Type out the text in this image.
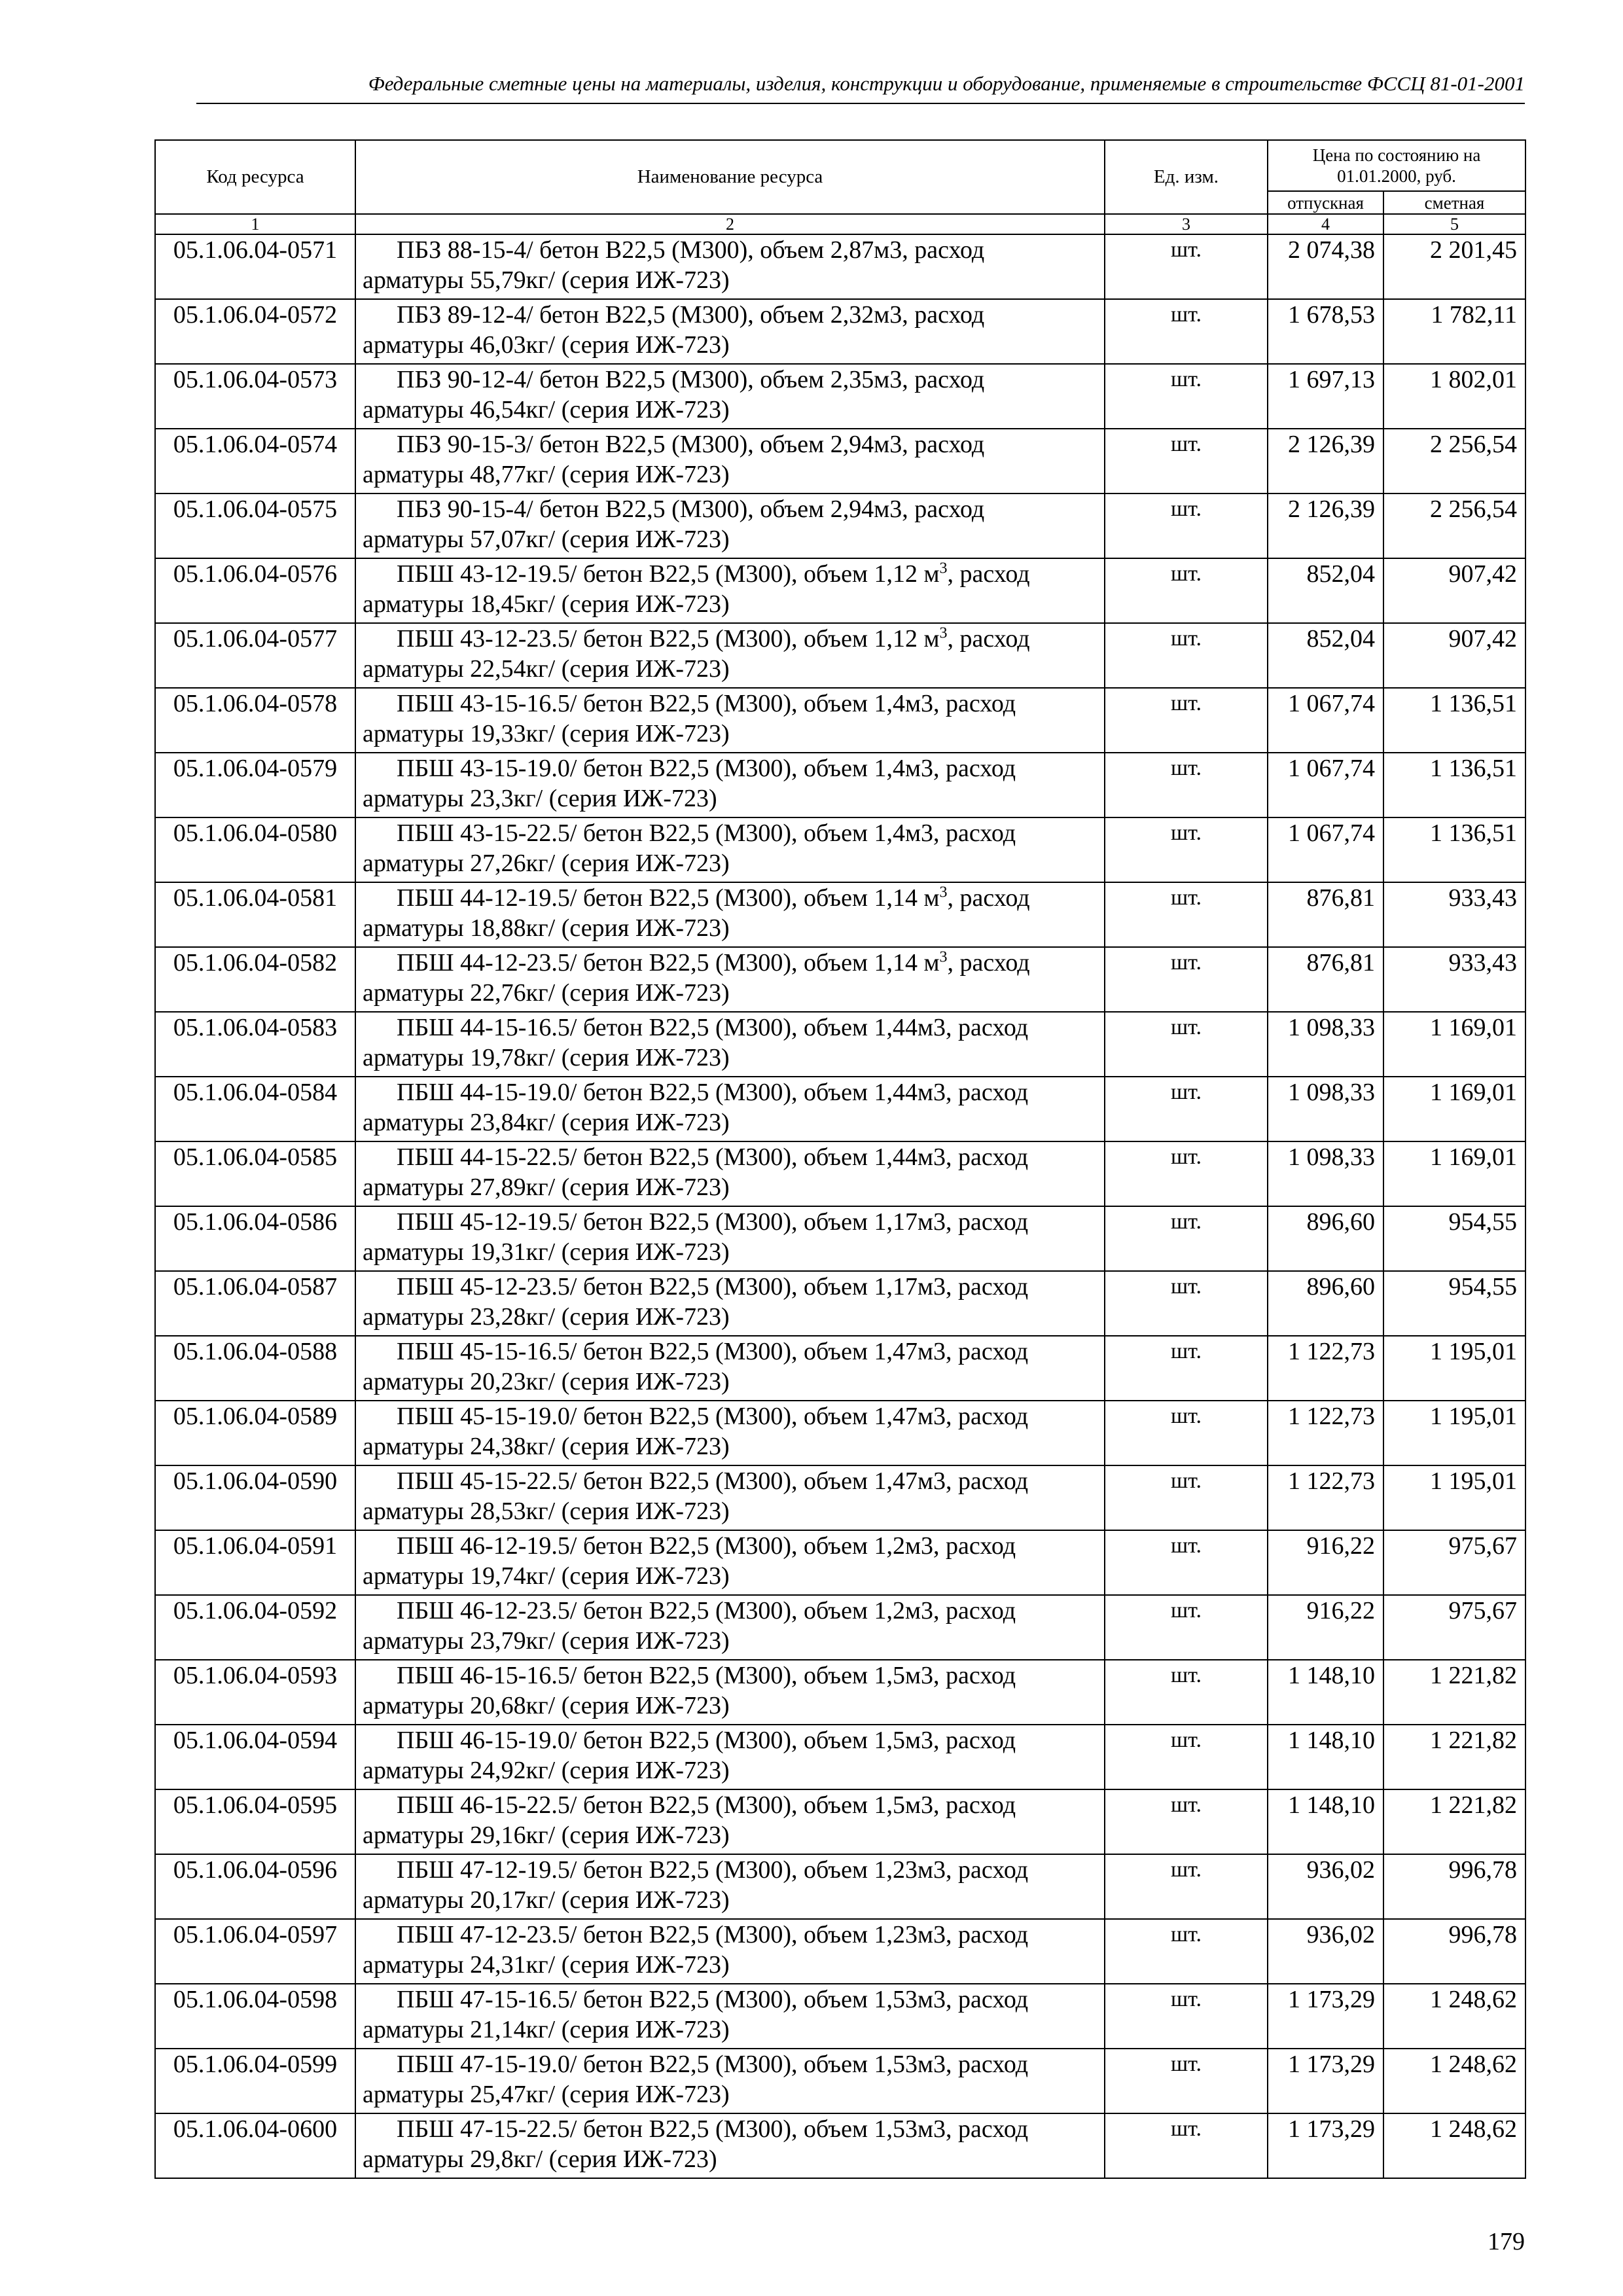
Федеральные сметные цены на материалы, изделия, конструкции и оборудование, применяемые в строительстве ФССЦ 81-01-2001
Код ресурса	Наименование ресурса	Ед. изм.	Цена по состоянию на 01.01.2000, руб.	
			отпускная	сметная
1	2	3	4	5
05.1.06.04-0571	ПБЗ 88-15-4/ бетон В22,5 (М300), объем 2,87м3, расход
арматуры 55,79кг/ (серия ИЖ-723)	шт.	2 074,38	2 201,45
05.1.06.04-0572	ПБЗ 89-12-4/ бетон В22,5 (М300), объем 2,32м3, расход
арматуры 46,03кг/ (серия ИЖ-723)	шт.	1 678,53	1 782,11
05.1.06.04-0573	ПБЗ 90-12-4/ бетон В22,5 (М300), объем 2,35м3, расход
арматуры 46,54кг/ (серия ИЖ-723)	шт.	1 697,13	1 802,01
05.1.06.04-0574	ПБЗ 90-15-3/ бетон В22,5 (М300), объем 2,94м3, расход
арматуры 48,77кг/ (серия ИЖ-723)	шт.	2 126,39	2 256,54
05.1.06.04-0575	ПБЗ 90-15-4/ бетон В22,5 (М300), объем 2,94м3, расход
арматуры 57,07кг/ (серия ИЖ-723)	шт.	2 126,39	2 256,54
05.1.06.04-0576	ПБШ 43-12-19.5/ бетон В22,5 (М300), объем 1,12 $м^3$, расход
арматуры 18,45кг/ (серия ИЖ-723)	шт.	852,04	907,42
05.1.06.04-0577	ПБШ 43-12-23.5/ бетон В22,5 (М300), объем 1,12 $м^3$, расход
арматуры 22,54кг/ (серия ИЖ-723)	шт.	852,04	907,42
05.1.06.04-0578	ПБШ 43-15-16.5/ бетон В22,5 (М300), объем 1,4м3, расход
арматуры 19,33кг/ (серия ИЖ-723)	шт.	1 067,74	1 136,51
05.1.06.04-0579	ПБШ 43-15-19.0/ бетон В22,5 (М300), объем 1,4м3, расход
арматуры 23,3кг/ (серия ИЖ-723)	шт.	1 067,74	1 136,51
05.1.06.04-0580	ПБШ 43-15-22.5/ бетон В22,5 (М300), объем 1,4м3, расход
арматуры 27,26кг/ (серия ИЖ-723)	шт.	1 067,74	1 136,51
05.1.06.04-0581	ПБШ 44-12-19.5/ бетон В22,5 (М300), объем 1,14 $м^3$, расход
арматуры 18,88кг/ (серия ИЖ-723)	шт.	876,81	933,43
05.1.06.04-0582	ПБШ 44-12-23.5/ бетон В22,5 (М300), объем 1,14 $м^3$, расход
арматуры 22,76кг/ (серия ИЖ-723)	шт.	876,81	933,43
05.1.06.04-0583	ПБШ 44-15-16.5/ бетон В22,5 (М300), объем 1,44м3, расход
арматуры 19,78кг/ (серия ИЖ-723)	шт.	1 098,33	1 169,01
05.1.06.04-0584	ПБШ 44-15-19.0/ бетон В22,5 (М300), объем 1,44м3, расход
арматуры 23,84кг/ (серия ИЖ-723)	шт.	1 098,33	1 169,01
05.1.06.04-0585	ПБШ 44-15-22.5/ бетон В22,5 (М300), объем 1,44м3, расход
арматуры 27,89кг/ (серия ИЖ-723)	шт.	1 098,33	1 169,01
05.1.06.04-0586	ПБШ 45-12-19.5/ бетон В22,5 (М300), объем 1,17м3, расход
арматуры 19,31кг/ (серия ИЖ-723)	шт.	896,60	954,55
05.1.06.04-0587	ПБШ 45-12-23.5/ бетон В22,5 (М300), объем 1,17м3, расход
арматуры 23,28кг/ (серия ИЖ-723)	шт.	896,60	954,55
05.1.06.04-0588	ПБШ 45-15-16.5/ бетон В22,5 (М300), объем 1,47м3, расход
арматуры 20,23кг/ (серия ИЖ-723)	шт.	1 122,73	1 195,01
05.1.06.04-0589	ПБШ 45-15-19.0/ бетон В22,5 (М300), объем 1,47м3, расход
арматуры 24,38кг/ (серия ИЖ-723)	шт.	1 122,73	1 195,01
05.1.06.04-0590	ПБШ 45-15-22.5/ бетон В22,5 (М300), объем 1,47м3, расход
арматуры 28,53кг/ (серия ИЖ-723)	шт.	1 122,73	1 195,01
05.1.06.04-0591	ПБШ 46-12-19.5/ бетон В22,5 (М300), объем 1,2м3, расход
арматуры 19,74кг/ (серия ИЖ-723)	шт.	916,22	975,67
05.1.06.04-0592	ПБШ 46-12-23.5/ бетон В22,5 (М300), объем 1,2м3, расход
арматуры 23,79кг/ (серия ИЖ-723)	шт.	916,22	975,67
05.1.06.04-0593	ПБШ 46-15-16.5/ бетон В22,5 (М300), объем 1,5м3, расход
арматуры 20,68кг/ (серия ИЖ-723)	шт.	1 148,10	1 221,82
05.1.06.04-0594	ПБШ 46-15-19.0/ бетон В22,5 (М300), объем 1,5м3, расход
арматуры 24,92кг/ (серия ИЖ-723)	шт.	1 148,10	1 221,82
05.1.06.04-0595	ПБШ 46-15-22.5/ бетон В22,5 (М300), объем 1,5м3, расход
арматуры 29,16кг/ (серия ИЖ-723)	шт.	1 148,10	1 221,82
05.1.06.04-0596	ПБШ 47-12-19.5/ бетон В22,5 (М300), объем 1,23м3, расход
арматуры 20,17кг/ (серия ИЖ-723)	шт.	936,02	996,78
05.1.06.04-0597	ПБШ 47-12-23.5/ бетон В22,5 (М300), объем 1,23м3, расход
арматуры 24,31кг/ (серия ИЖ-723)	шт.	936,02	996,78
05.1.06.04-0598	ПБШ 47-15-16.5/ бетон В22,5 (М300), объем 1,53м3, расход
арматуры 21,14кг/ (серия ИЖ-723)	шт.	1 173,29	1 248,62
05.1.06.04-0599	ПБШ 47-15-19.0/ бетон В22,5 (М300), объем 1,53м3, расход
арматуры 25,47кг/ (серия ИЖ-723)	шт.	1 173,29	1 248,62
05.1.06.04-0600	ПБШ 47-15-22.5/ бетон В22,5 (М300), объем 1,53м3, расход
арматуры 29,8кг/ (серия ИЖ-723)	шт.	1 173,29	1 248,62
179
